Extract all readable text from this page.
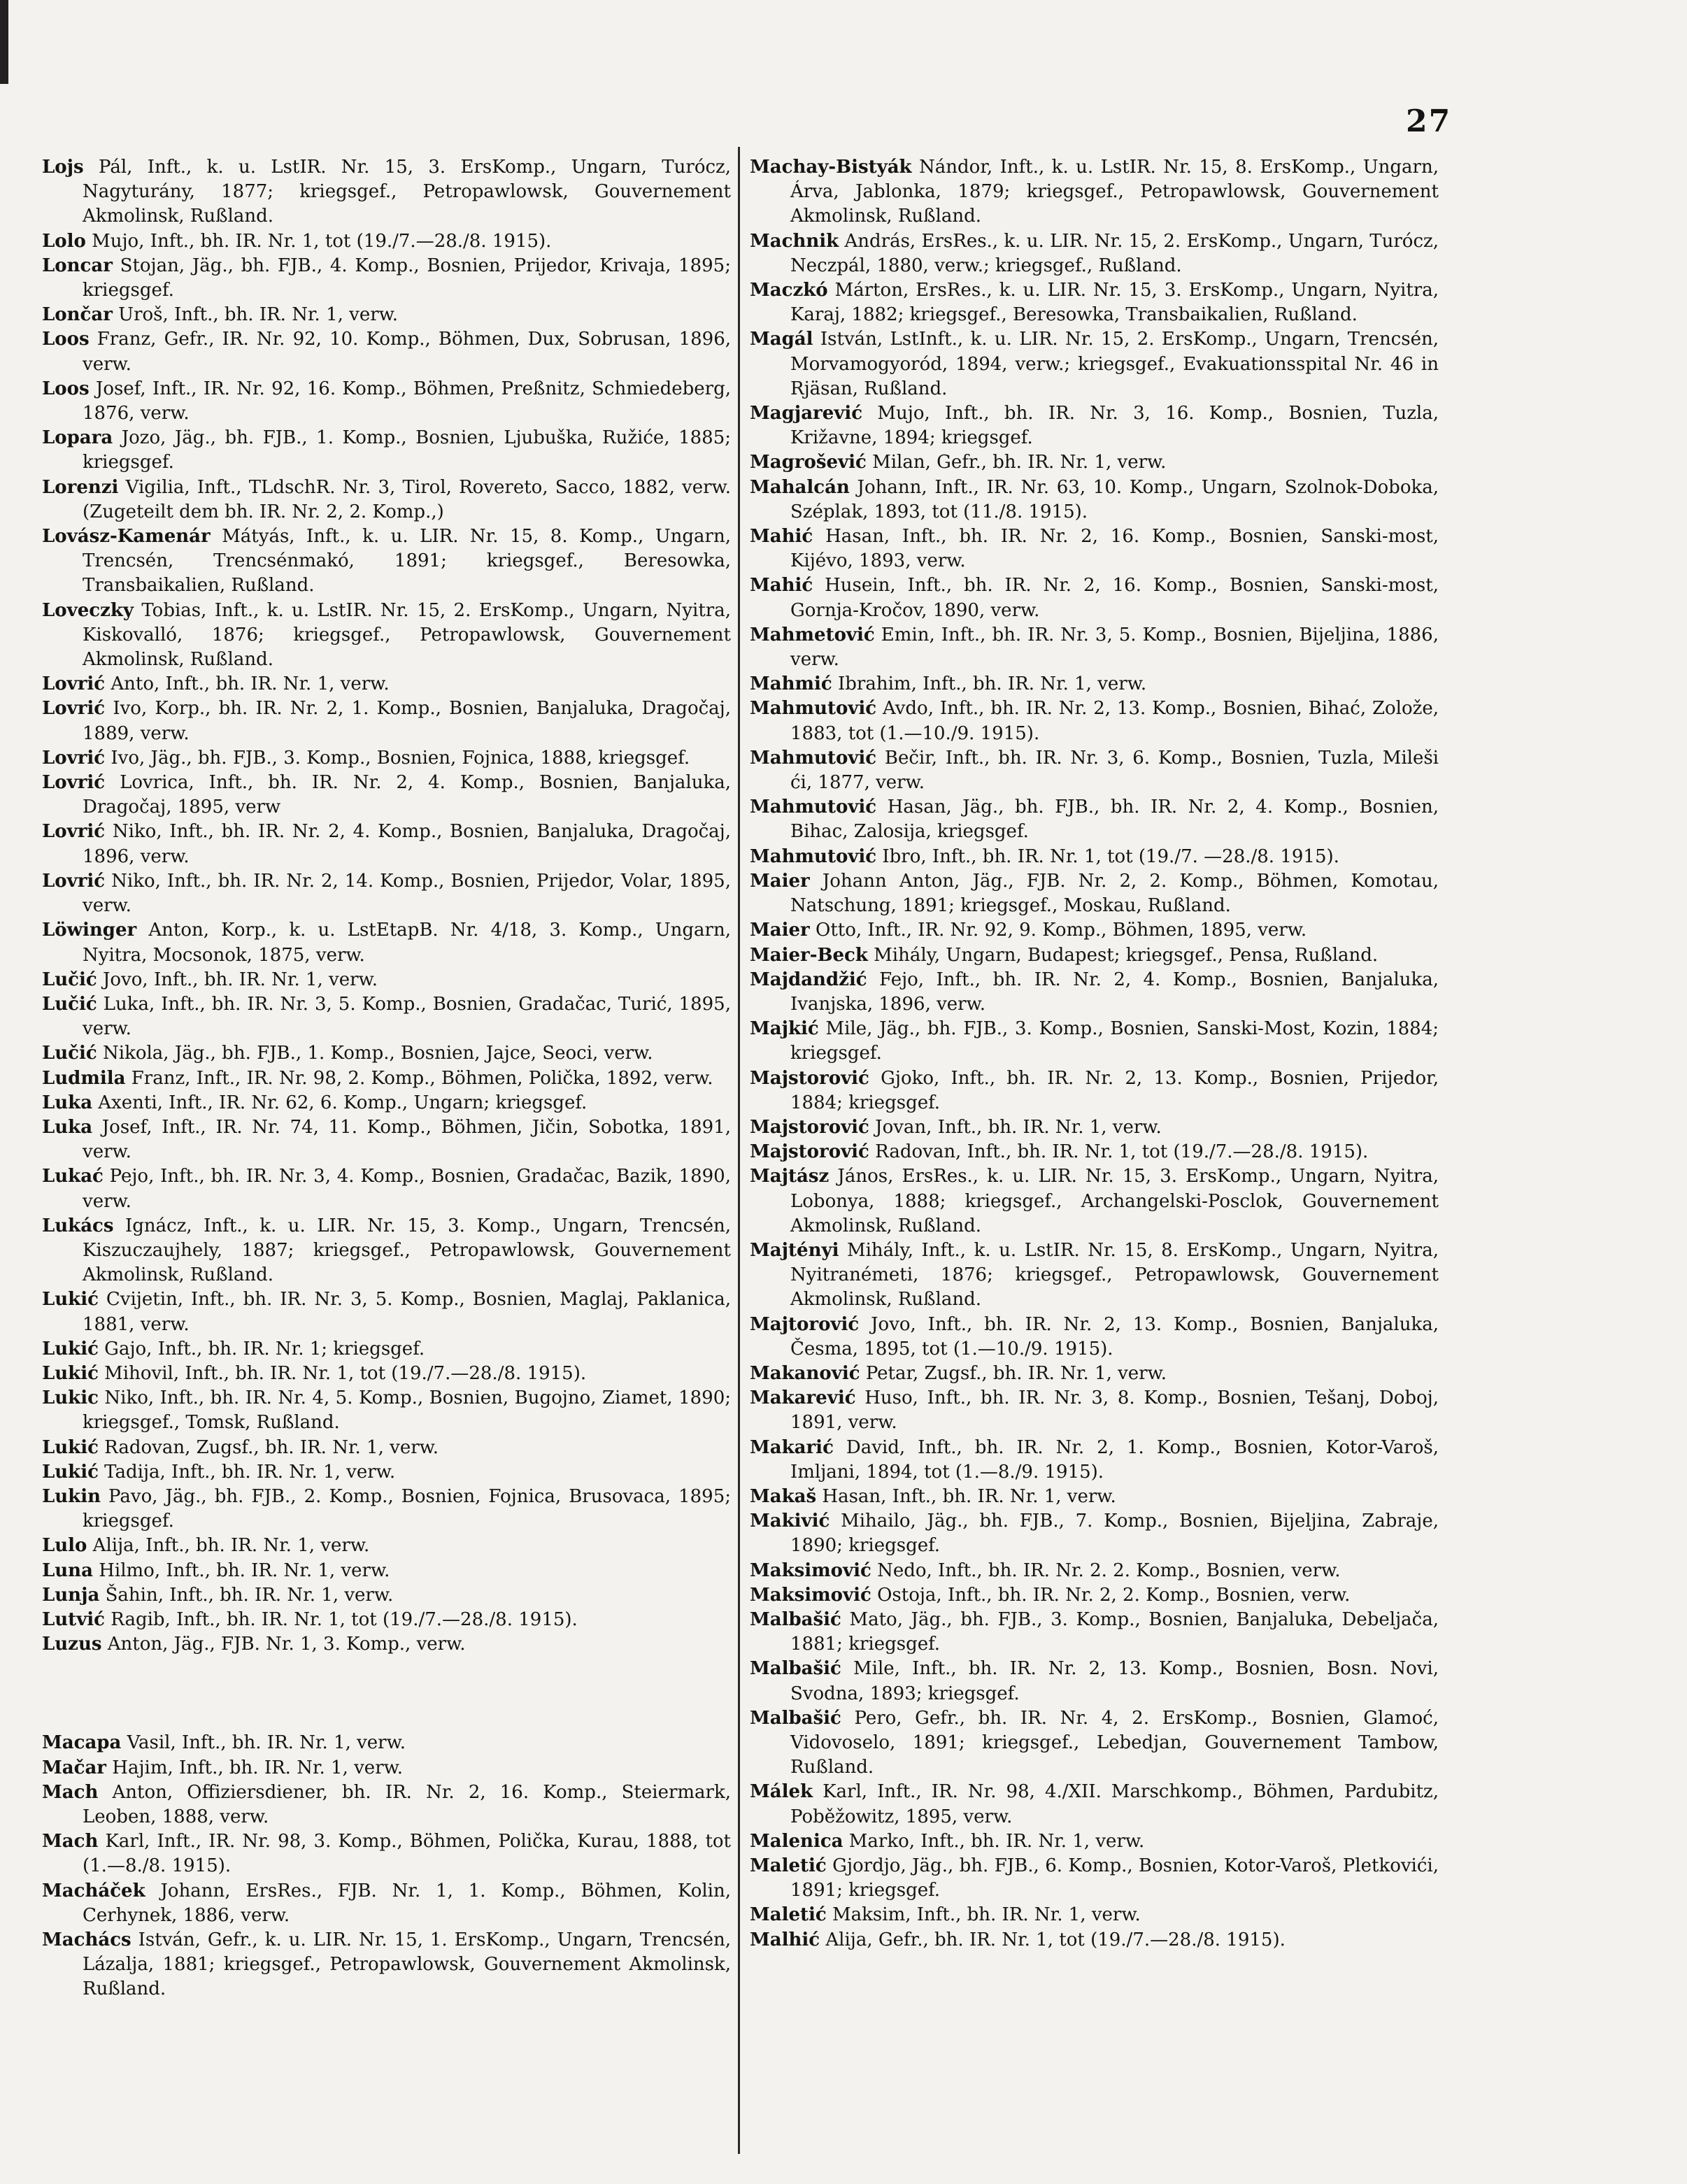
27

Lojs Pál, Inft., k. u. LstIR. Nr. 15, 3. ErsKomp., Ungarn, Turócz, Nagyturány, 1877; kriegsgef., Petropawlowsk, Gouvernement Akmolinsk, Rußland.

Lolo Mujo, Inft., bh. IR. Nr. 1, tot (19./7.—28./8. 1915).

Loncar Stojan, Jäg., bh. FJB., 4. Komp., Bosnien, Prijedor, Krivaja, 1895; kriegsgef.

Lončar Uroš, Inft., bh. IR. Nr. 1, verw.

Loos Franz, Gefr., IR. Nr. 92, 10. Komp., Böhmen, Dux, Sobrusan, 1896, verw.

Loos Josef, Inft., IR. Nr. 92, 16. Komp., Böhmen, Preßnitz, Schmiedeberg, 1876, verw.

Lopara Jozo, Jäg., bh. FJB., 1. Komp., Bosnien, Ljubuška, Ružiće, 1885; kriegsgef.

Lorenzi Vigilia, Inft., TLdschR. Nr. 3, Tirol, Rovereto, Sacco, 1882, verw. (Zugeteilt dem bh. IR. Nr. 2, 2. Komp.,)

Lovász-Kamenár Mátyás, Inft., k. u. LIR. Nr. 15, 8. Komp., Ungarn, Trencsén, Trencsénmakó, 1891; kriegsgef., Beresowka, Transbaikalien, Rußland.

Loveczky Tobias, Inft., k. u. LstIR. Nr. 15, 2. ErsKomp., Ungarn, Nyitra, Kiskovalló, 1876; kriegsgef., Petropawlowsk, Gouvernement Akmolinsk, Rußland.

Lovrić Anto, Inft., bh. IR. Nr. 1, verw.

Lovrić Ivo, Korp., bh. IR. Nr. 2, 1. Komp., Bosnien, Banjaluka, Dragočaj, 1889, verw.

Lovrić Ivo, Jäg., bh. FJB., 3. Komp., Bosnien, Fojnica, 1888, kriegsgef.

Lovrić Lovrica, Inft., bh. IR. Nr. 2, 4. Komp., Bosnien, Banjaluka, Dragočaj, 1895, verw

Lovrić Niko, Inft., bh. IR. Nr. 2, 4. Komp., Bosnien, Banjaluka, Dragočaj, 1896, verw.

Lovrić Niko, Inft., bh. IR. Nr. 2, 14. Komp., Bosnien, Prijedor, Volar, 1895, verw.

Löwinger Anton, Korp., k. u. LstEtapB. Nr. 4/18, 3. Komp., Ungarn, Nyitra, Mocsonok, 1875, verw.

Lučić Jovo, Inft., bh. IR. Nr. 1, verw.

Lučić Luka, Inft., bh. IR. Nr. 3, 5. Komp., Bosnien, Gradačac, Turić, 1895, verw.

Lučić Nikola, Jäg., bh. FJB., 1. Komp., Bosnien, Jajce, Seoci, verw.

Ludmila Franz, Inft., IR. Nr. 98, 2. Komp., Böhmen, Polička, 1892, verw.

Luka Axenti, Inft., IR. Nr. 62, 6. Komp., Ungarn; kriegsgef.

Luka Josef, Inft., IR. Nr. 74, 11. Komp., Böhmen, Jičin, Sobotka, 1891, verw.

Lukać Pejo, Inft., bh. IR. Nr. 3, 4. Komp., Bosnien, Gradačac, Bazik, 1890, verw.

Lukács Ignácz, Inft., k. u. LIR. Nr. 15, 3. Komp., Ungarn, Trencsén, Kiszuczaujhely, 1887; kriegsgef., Petropawlowsk, Gouvernement Akmolinsk, Rußland.

Lukić Cvijetin, Inft., bh. IR. Nr. 3, 5. Komp., Bosnien, Maglaj, Paklanica, 1881, verw.

Lukić Gajo, Inft., bh. IR. Nr. 1; kriegsgef.

Lukić Mihovil, Inft., bh. IR. Nr. 1, tot (19./7.—28./8. 1915).

Lukic Niko, Inft., bh. IR. Nr. 4, 5. Komp., Bosnien, Bugojno, Ziamet, 1890; kriegsgef., Tomsk, Rußland.

Lukić Radovan, Zugsf., bh. IR. Nr. 1, verw.

Lukić Tadija, Inft., bh. IR. Nr. 1, verw.

Lukin Pavo, Jäg., bh. FJB., 2. Komp., Bosnien, Fojnica, Brusovaca, 1895; kriegsgef.

Lulo Alija, Inft., bh. IR. Nr. 1, verw.

Luna Hilmo, Inft., bh. IR. Nr. 1, verw.

Lunja Šahin, Inft., bh. IR. Nr. 1, verw.

Lutvić Ragib, Inft., bh. IR. Nr. 1, tot (19./7.—28./8. 1915).

Luzus Anton, Jäg., FJB. Nr. 1, 3. Komp., verw.

Macapa Vasil, Inft., bh. IR. Nr. 1, verw.

Mačar Hajim, Inft., bh. IR. Nr. 1, verw.

Mach Anton, Offiziersdiener, bh. IR. Nr. 2, 16. Komp., Steiermark, Leoben, 1888, verw.

Mach Karl, Inft., IR. Nr. 98, 3. Komp., Böhmen, Polička, Kurau, 1888, tot (1.—8./8. 1915).

Macháček Johann, ErsRes., FJB. Nr. 1, 1. Komp., Böhmen, Kolin, Cerhynek, 1886, verw.

Machács István, Gefr., k. u. LIR. Nr. 15, 1. ErsKomp., Ungarn, Trencsén, Lázalja, 1881; kriegsgef., Petropawlowsk, Gouvernement Akmolinsk, Rußland.

Machay-Bistyák Nándor, Inft., k. u. LstIR. Nr. 15, 8. ErsKomp., Ungarn, Árva, Jablonka, 1879; kriegsgef., Petropawlowsk, Gouvernement Akmolinsk, Rußland.

Machnik András, ErsRes., k. u. LIR. Nr. 15, 2. ErsKomp., Ungarn, Turócz, Neczpál, 1880, verw.; kriegsgef., Rußland.

Maczkó Márton, ErsRes., k. u. LIR. Nr. 15, 3. ErsKomp., Ungarn, Nyitra, Karaj, 1882; kriegsgef., Beresowka, Transbaikalien, Rußland.

Magál István, LstInft., k. u. LIR. Nr. 15, 2. ErsKomp., Ungarn, Trencsén, Morvamogyoród, 1894, verw.; kriegsgef., Evakuationsspital Nr. 46 in Rjäsan, Rußland.

Magjarević Mujo, Inft., bh. IR. Nr. 3, 16. Komp., Bosnien, Tuzla, Križavne, 1894; kriegsgef.

Magrošević Milan, Gefr., bh. IR. Nr. 1, verw.

Mahalcán Johann, Inft., IR. Nr. 63, 10. Komp., Ungarn, Szolnok-Doboka, Széplak, 1893, tot (11./8. 1915).

Mahić Hasan, Inft., bh. IR. Nr. 2, 16. Komp., Bosnien, Sanski-most, Kijévo, 1893, verw.

Mahić Husein, Inft., bh. IR. Nr. 2, 16. Komp., Bosnien, Sanski-most, Gornja-Kročov, 1890, verw.

Mahmetović Emin, Inft., bh. IR. Nr. 3, 5. Komp., Bosnien, Bijeljina, 1886, verw.

Mahmić Ibrahim, Inft., bh. IR. Nr. 1, verw.

Mahmutović Avdo, Inft., bh. IR. Nr. 2, 13. Komp., Bosnien, Bihać, Zolože, 1883, tot (1.—10./9. 1915).

Mahmutović Bečir, Inft., bh. IR. Nr. 3, 6. Komp., Bosnien, Tuzla, Mileši ći, 1877, verw.

Mahmutović Hasan, Jäg., bh. FJB., bh. IR. Nr. 2, 4. Komp., Bosnien, Bihac, Zalosija, kriegsgef.

Mahmutović Ibro, Inft., bh. IR. Nr. 1, tot (19./7. —28./8. 1915).

Maier Johann Anton, Jäg., FJB. Nr. 2, 2. Komp., Böhmen, Komotau, Natschung, 1891; kriegsgef., Moskau, Rußland.

Maier Otto, Inft., IR. Nr. 92, 9. Komp., Böhmen, 1895, verw.

Maier-Beck Mihály, Ungarn, Budapest; kriegsgef., Pensa, Rußland.

Majdandžić Fejo, Inft., bh. IR. Nr. 2, 4. Komp., Bosnien, Banjaluka, Ivanjska, 1896, verw.

Majkić Mile, Jäg., bh. FJB., 3. Komp., Bosnien, Sanski-Most, Kozin, 1884; kriegsgef.

Majstorović Gjoko, Inft., bh. IR. Nr. 2, 13. Komp., Bosnien, Prijedor, 1884; kriegsgef.

Majstorović Jovan, Inft., bh. IR. Nr. 1, verw.

Majstorović Radovan, Inft., bh. IR. Nr. 1, tot (19./7.—28./8. 1915).

Majtász János, ErsRes., k. u. LIR. Nr. 15, 3. ErsKomp., Ungarn, Nyitra, Lobonya, 1888; kriegsgef., Archangelski-Posclok, Gouvernement Akmolinsk, Rußland.

Majtényi Mihály, Inft., k. u. LstIR. Nr. 15, 8. ErsKomp., Ungarn, Nyitra, Nyitranémeti, 1876; kriegsgef., Petropawlowsk, Gouvernement Akmolinsk, Rußland.

Majtorović Jovo, Inft., bh. IR. Nr. 2, 13. Komp., Bosnien, Banjaluka, Česma, 1895, tot (1.—10./9. 1915).

Makanović Petar, Zugsf., bh. IR. Nr. 1, verw.

Makarević Huso, Inft., bh. IR. Nr. 3, 8. Komp., Bosnien, Tešanj, Doboj, 1891, verw.

Makarić David, Inft., bh. IR. Nr. 2, 1. Komp., Bosnien, Kotor-Varoš, Imljani, 1894, tot (1.—8./9. 1915).

Makaš Hasan, Inft., bh. IR. Nr. 1, verw.

Makivić Mihailo, Jäg., bh. FJB., 7. Komp., Bosnien, Bijeljina, Zabraje, 1890; kriegsgef.

Maksimović Nedo, Inft., bh. IR. Nr. 2. 2. Komp., Bosnien, verw.

Maksimović Ostoja, Inft., bh. IR. Nr. 2, 2. Komp., Bosnien, verw.

Malbašić Mato, Jäg., bh. FJB., 3. Komp., Bosnien, Banjaluka, Debeljača, 1881; kriegsgef.

Malbašić Mile, Inft., bh. IR. Nr. 2, 13. Komp., Bosnien, Bosn. Novi, Svodna, 1893; kriegsgef.

Malbašić Pero, Gefr., bh. IR. Nr. 4, 2. ErsKomp., Bosnien, Glamoć, Vidovoselo, 1891; kriegsgef., Lebedjan, Gouvernement Tambow, Rußland.

Málek Karl, Inft., IR. Nr. 98, 4./XII. Marschkomp., Böhmen, Pardubitz, Poběžowitz, 1895, verw.

Malenica Marko, Inft., bh. IR. Nr. 1, verw.

Maletić Gjordjo, Jäg., bh. FJB., 6. Komp., Bosnien, Kotor-Varoš, Pletkovići, 1891; kriegsgef.

Maletić Maksim, Inft., bh. IR. Nr. 1, verw.

Malhić Alija, Gefr., bh. IR. Nr. 1, tot (19./7.—28./8. 1915).
